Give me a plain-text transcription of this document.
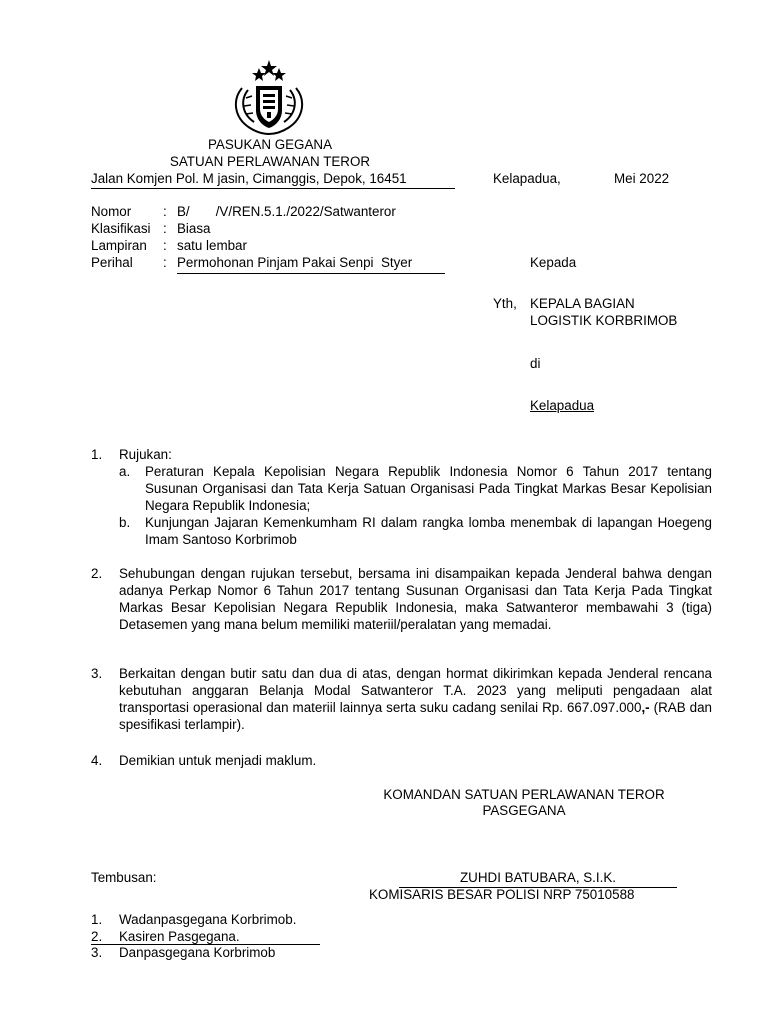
PASUKAN GEGANA
SATUAN PERLAWANAN TEROR
Jalan Komjen Pol. M jasin, Cimanggis, Depok, 16451	Kelapadua,	Mei 2022
Nomor : B/       /V/REN.5.1./2022/Satwanteror
Klasifikasi : Biasa
Lampiran : satu lembar
Perihal : Permohonan Pinjam Pakai Senpi  Styer	Kepada
Yth, KEPALA BAGIAN
LOGISTIK KORBRIMOB
di
Kelapadua
1. Rujukan:
a. Peraturan Kepala Kepolisian Negara Republik Indonesia Nomor 6 Tahun 2017 tentang Susunan Organisasi dan Tata Kerja Satuan Organisasi Pada Tingkat Markas Besar Kepolisian Negara Republik Indonesia;
b. Kunjungan Jajaran Kemenkumham RI dalam rangka lomba menembak di lapangan Hoegeng Imam Santoso Korbrimob
2. Sehubungan dengan rujukan tersebut, bersama ini disampaikan kepada Jenderal bahwa dengan adanya Perkap Nomor 6 Tahun 2017 tentang Susunan Organisasi dan Tata Kerja Pada Tingkat Markas Besar Kepolisian Negara Republik Indonesia, maka Satwanteror membawahi 3 (tiga) Detasemen yang mana belum memiliki materiil/peralatan yang memadai.
3. Berkaitan dengan butir satu dan dua di atas, dengan hormat dikirimkan kepada Jenderal rencana kebutuhan anggaran Belanja Modal Satwanteror T.A. 2023 yang meliputi pengadaan alat transportasi operasional dan materiil lainnya serta suku cadang senilai Rp. 667.097.000,- (RAB dan spesifikasi terlampir).
4. Demikian untuk menjadi maklum.
KOMANDAN SATUAN PERLAWANAN TEROR
PASGEGANA
ZUHDI BATUBARA, S.I.K.
KOMISARIS BESAR POLISI NRP 75010588
Tembusan:
1. Wadanpasgegana Korbrimob.
2. Kasiren Pasgegana.
3. Danpasgegana Korbrimob
